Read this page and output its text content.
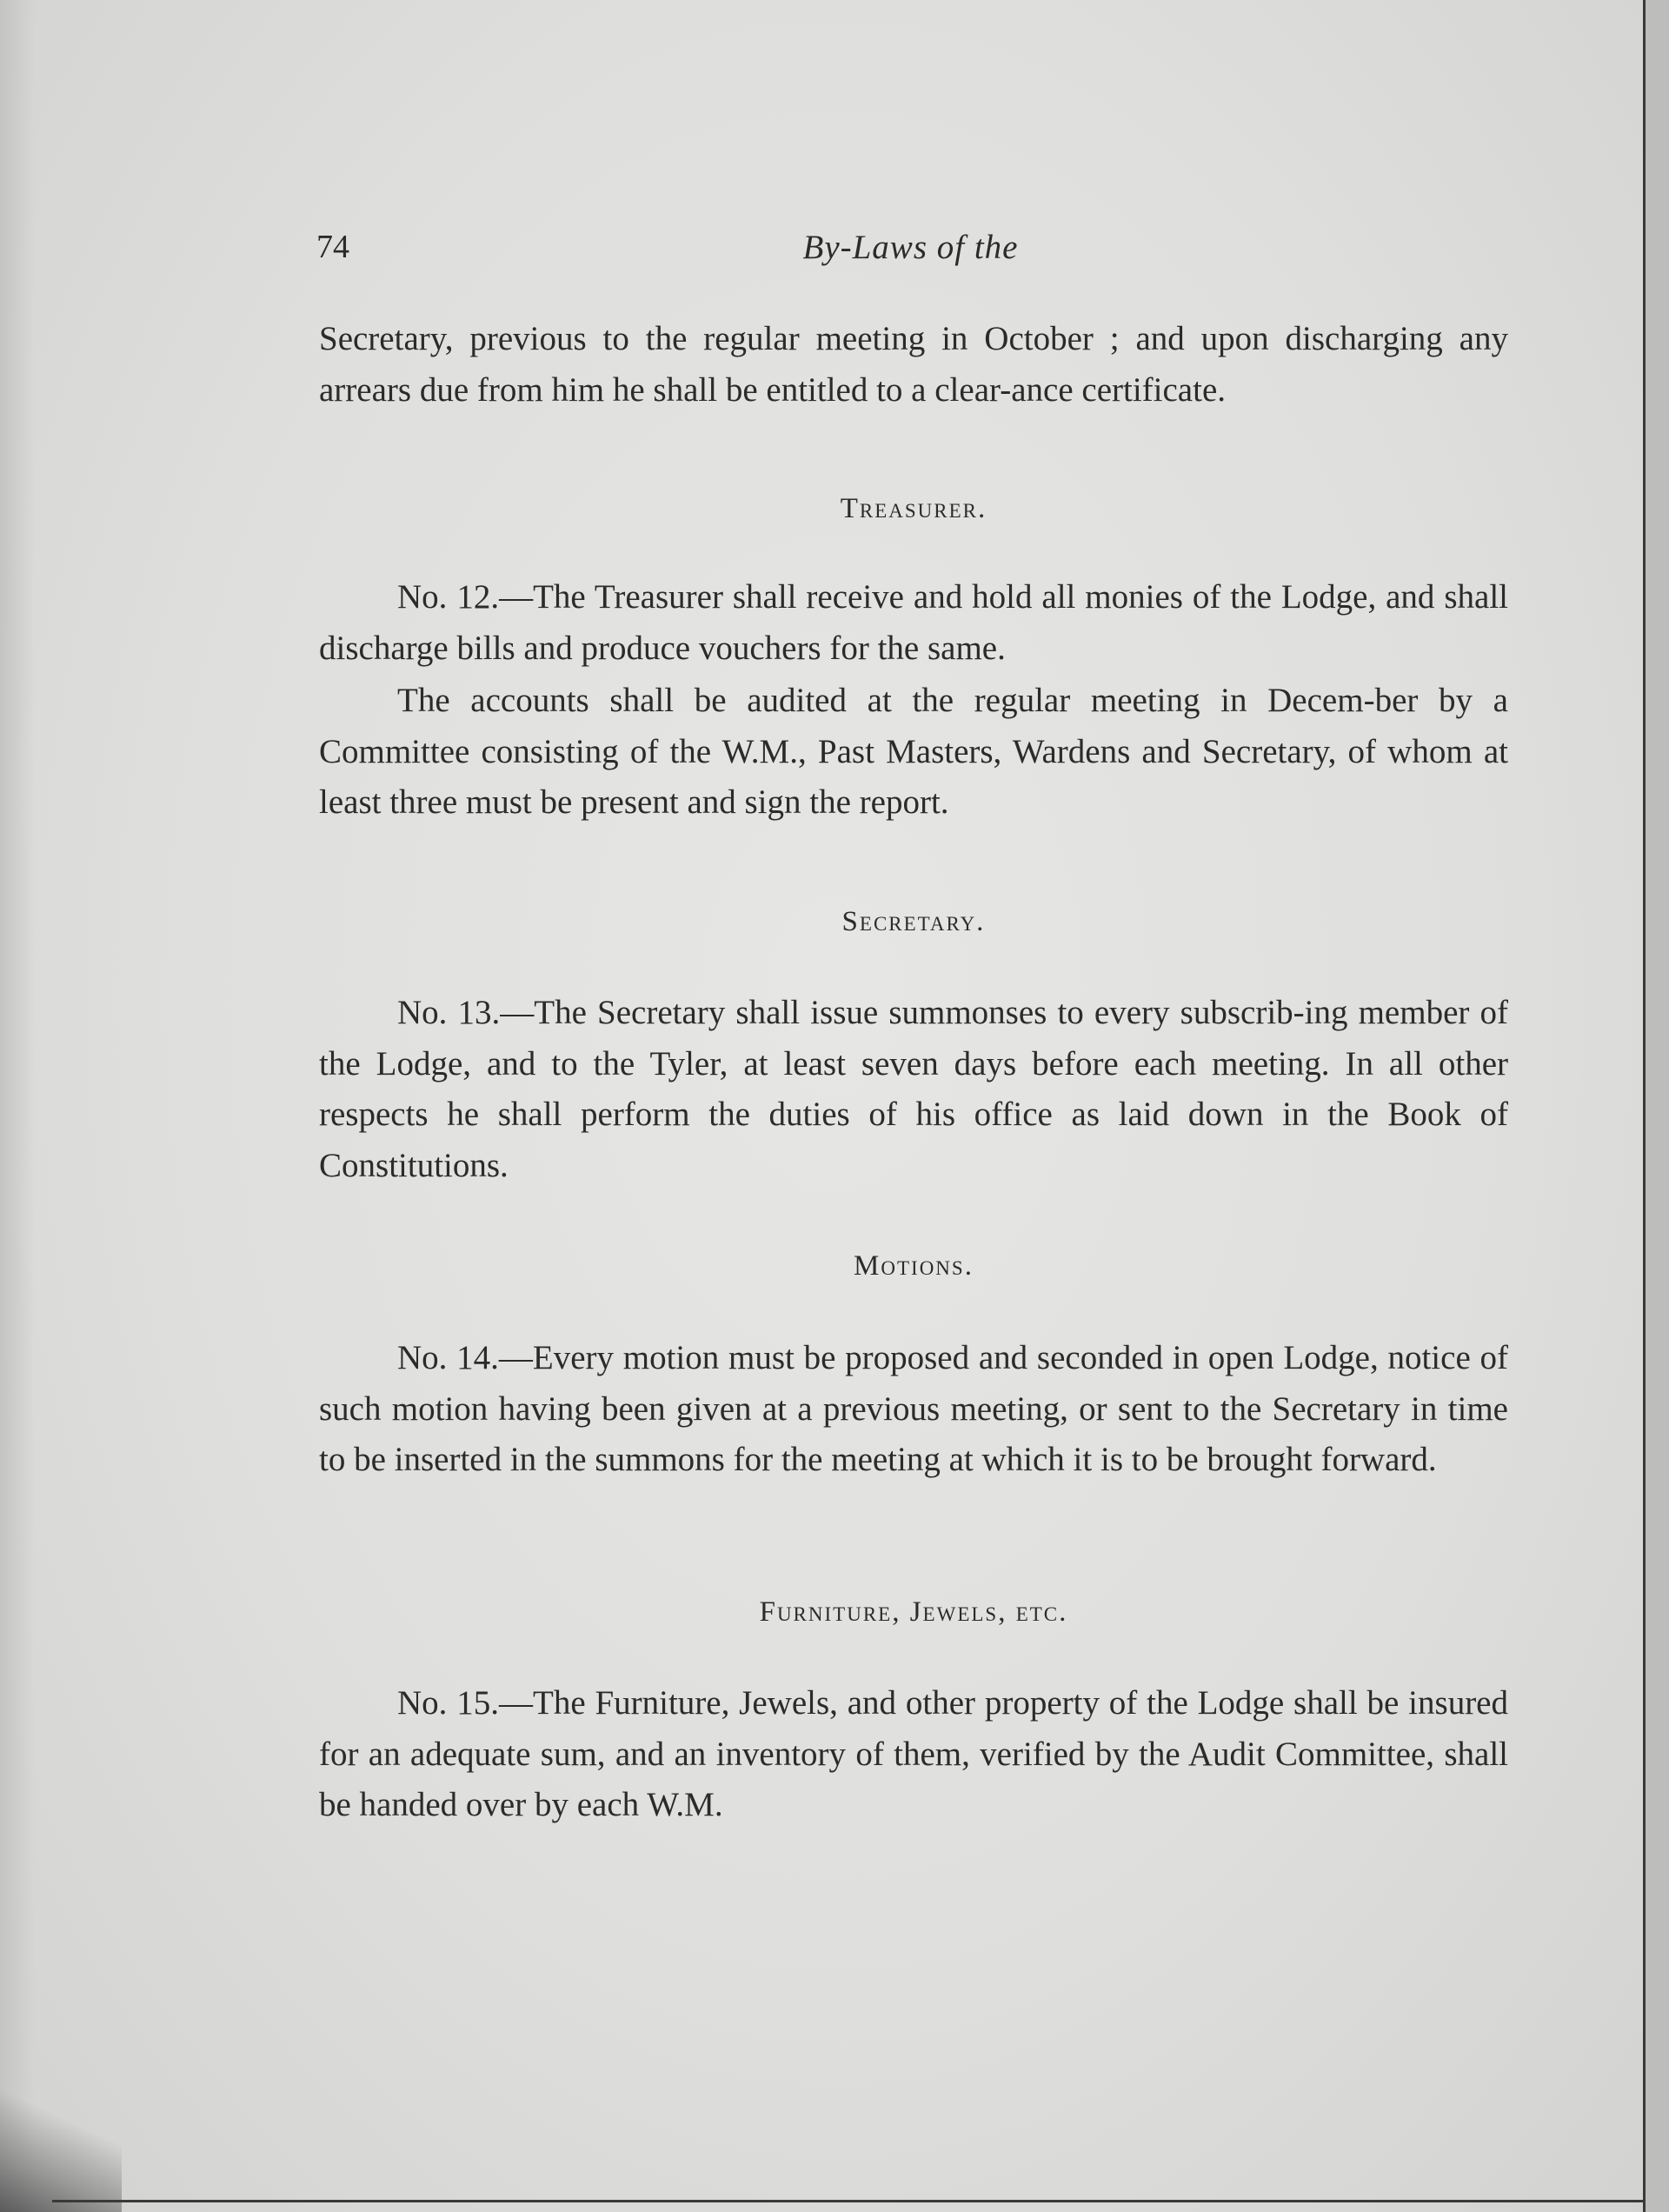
74	By-Laws of the
Secretary, previous to the regular meeting in October ; and upon discharging any arrears due from him he shall be entitled to a clear-ance certificate.
Treasurer.
No. 12.—The Treasurer shall receive and hold all monies of the Lodge, and shall discharge bills and produce vouchers for the same.
The accounts shall be audited at the regular meeting in Decem-ber by a Committee consisting of the W.M., Past Masters, Wardens and Secretary, of whom at least three must be present and sign the report.
Secretary.
No. 13.—The Secretary shall issue summonses to every subscrib-ing member of the Lodge, and to the Tyler, at least seven days before each meeting. In all other respects he shall perform the duties of his office as laid down in the Book of Constitutions.
Motions.
No. 14.—Every motion must be proposed and seconded in open Lodge, notice of such motion having been given at a previous meeting, or sent to the Secretary in time to be inserted in the summons for the meeting at which it is to be brought forward.
Furniture, Jewels, etc.
No. 15.—The Furniture, Jewels, and other property of the Lodge shall be insured for an adequate sum, and an inventory of them, verified by the Audit Committee, shall be handed over by each W.M.
